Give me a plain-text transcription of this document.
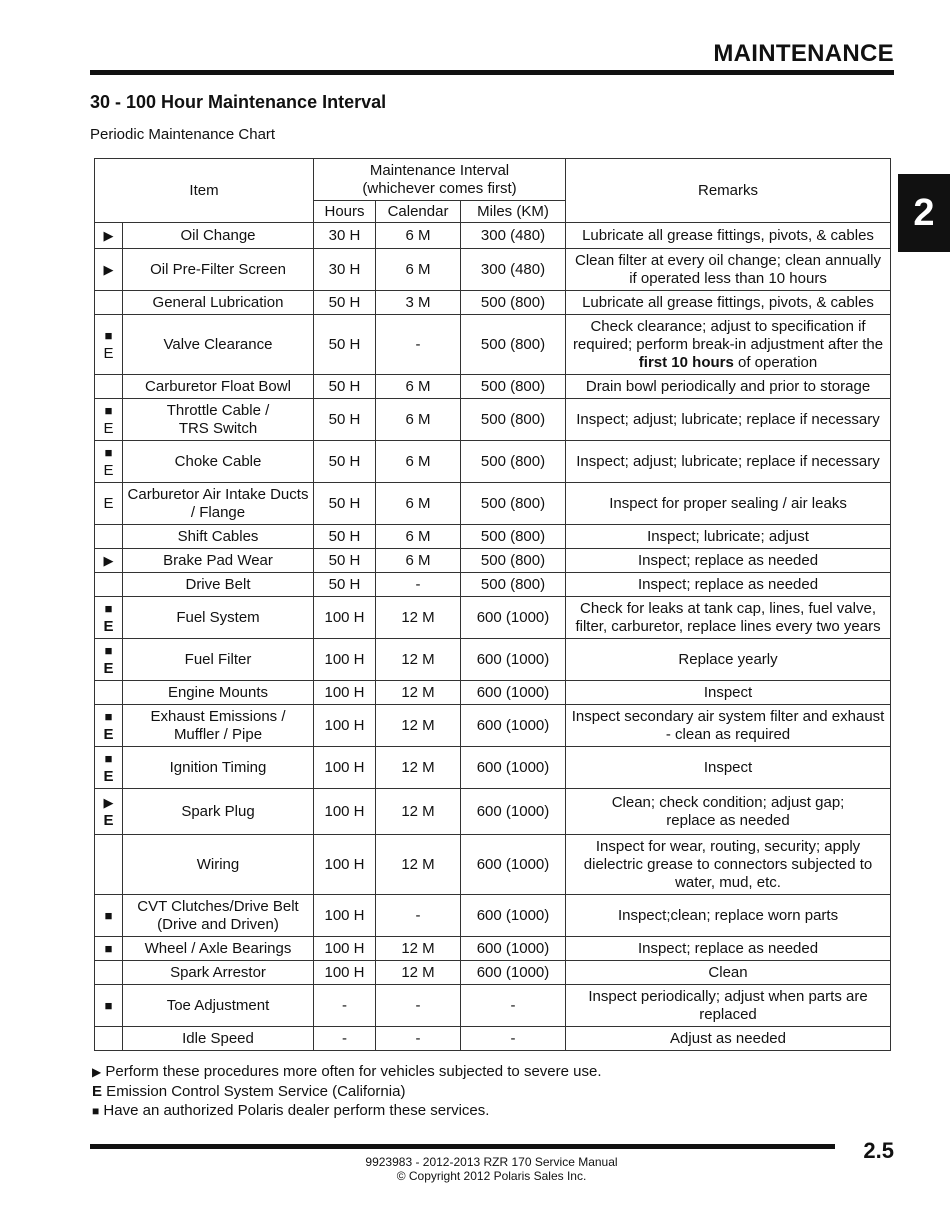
MAINTENANCE
2
30 - 100 Hour Maintenance Interval
Periodic Maintenance Chart
Item		Maintenance Interval
(whichever comes first)			Remarks
		Hours	Calendar	Miles (KM)	

▶	Oil Change	30 H	6 M	300 (480)	Lubricate all grease fittings, pivots, & cables

▶	Oil Pre-Filter Screen	30 H	6 M	300 (480)	Clean filter at every oil change; clean annually
if operated less than 10 hours
	General Lubrication	50 H	3 M	500 (800)	Lubricate all grease fittings, pivots, & cables

■
E	Valve Clearance	50 H	-	500 (800)	Check clearance; adjust to specification if
required; perform break-in adjustment after the
first 10 hours of operation
	Carburetor Float Bowl	50 H	6 M	500 (800)	Drain bowl periodically and prior to storage

■
E	Throttle Cable /
TRS Switch	50 H	6 M	500 (800)	Inspect; adjust; lubricate; replace if necessary

■
E	Choke Cable	50 H	6 M	500 (800)	Inspect; adjust; lubricate; replace if necessary

E	Carburetor Air Intake Ducts
/ Flange	50 H	6 M	500 (800)	Inspect for proper sealing / air leaks
	Shift Cables	50 H	6 M	500 (800)	Inspect; lubricate; adjust

▶	Brake Pad Wear	50 H	6 M	500 (800)	Inspect; replace as needed
	Drive Belt	50 H	-	500 (800)	Inspect; replace as needed

■
E	Fuel System	100 H	12 M	600 (1000)	Check for leaks at tank cap, lines, fuel valve,
filter, carburetor, replace lines every two years

■
E	Fuel Filter	100 H	12 M	600 (1000)	Replace yearly
	Engine Mounts	100 H	12 M	600 (1000)	Inspect

■
E	Exhaust Emissions /
Muffler / Pipe	100 H	12 M	600 (1000)	Inspect secondary air system filter and exhaust
- clean as required

■
E	Ignition Timing	100 H	12 M	600 (1000)	Inspect

▶
E	Spark Plug	100 H	12 M	600 (1000)	Clean; check condition; adjust gap;
replace as needed
	Wiring	100 H	12 M	600 (1000)	Inspect for wear, routing, security; apply
dielectric grease to connectors subjected to
water, mud, etc.

■	CVT Clutches/Drive Belt
(Drive and Driven)	100 H	-	600 (1000)	Inspect;clean; replace worn parts

■	Wheel / Axle Bearings	100 H	12 M	600 (1000)	Inspect; replace as needed
	Spark Arrestor	100 H	12 M	600 (1000)	Clean

■	Toe Adjustment	-	-	-	Inspect periodically; adjust when parts are
replaced
	Idle Speed	-	-	-	Adjust as needed
▶ Perform these procedures more often for vehicles subjected to severe use.
E Emission Control System Service (California)
■ Have an authorized Polaris dealer perform these services.
2.5
9923983 - 2012-2013 RZR 170 Service Manual
© Copyright 2012 Polaris Sales Inc.
